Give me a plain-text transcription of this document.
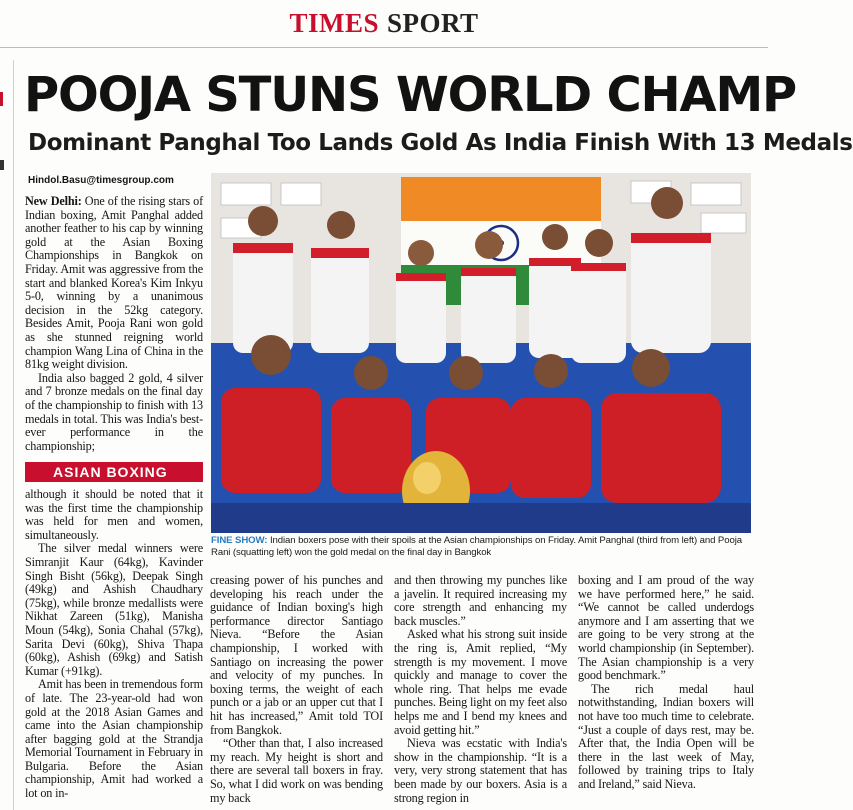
TIMES SPORT
POOJA STUNS WORLD CHAMP
Dominant Panghal Too Lands Gold As India Finish With 13 Medals
Hindol.Basu@timesgroup.com

New Delhi: One of the rising stars of Indian boxing, Amit Panghal added another feather to his cap by winning gold at the Asian Boxing Championships in Bangkok on Friday. Amit was aggressive from the start and blanked Korea's Kim Inkyu 5-0, winning by a unanimous decision in the 52kg category. Besides Amit, Pooja Rani won gold as she stunned reigning world champion Wang Lina of China in the 81kg weight division.

India also bagged 2 gold, 4 silver and 7 bronze medals on the final day of the championship to finish with 13 medals in total. This was India's best-ever performance in the championship;

ASIAN BOXING

although it should be noted that it was the first time the championship was held for men and women, simultaneously.

The silver medal winners were Simranjit Kaur (64kg), Kavinder Singh Bisht (56kg), Deepak Singh (49kg) and Ashish Chaudhary (75kg), while bronze medallists were Nikhat Zareen (51kg), Manisha Moun (54kg), Sonia Chahal (57kg), Sarita Devi (60kg), Shiva Thapa (60kg), Ashish (69kg) and Satish Kumar (+91kg).

Amit has been in tremendous form of late. The 23-year-old had won gold at the 2018 Asian Games and came into the Asian championship after bagging gold at the Strandja Memorial Tournament in February in Bulgaria. Before the Asian championship, Amit had worked a lot on in-

FINE SHOW: Indian boxers pose with their spoils at the Asian championships on Friday. Amit Panghal (third from left) and Pooja Rani (squatting left) won the gold medal on the final day in Bangkok

creasing power of his punches and developing his reach under the guidance of Indian boxing's high performance director Santiago Nieva. “Before the Asian championship, I worked with Santiago on increasing the power and velocity of my punches. In boxing terms, the weight of each punch or a jab or an upper cut that I hit has increased,” Amit told TOI from Bangkok.

“Other than that, I also increased my reach. My height is short and there are several tall boxers in fray. So, what I did work on was bending my back

and then throwing my punches like a javelin. It required increasing my core strength and enhancing my back muscles.”

Asked what his strong suit inside the ring is, Amit replied, “My strength is my movement. I move quickly and manage to cover the whole ring. That helps me evade punches. Being light on my feet also helps me and I bend my knees and avoid getting hit.”

Nieva was ecstatic with India's show in the championship. “It is a very, very strong statement that has been made by our boxers. Asia is a strong region in

boxing and I am proud of the way we have performed here,” he said. “We cannot be called underdogs anymore and I am asserting that we are going to be very strong at the world championship (in September). The Asian championship is a very good benchmark.”

The rich medal haul notwithstanding, Indian boxers will not have too much time to celebrate. “Just a couple of days rest, may be. After that, the India Open will be there in the last week of May, followed by training trips to Italy and Ireland,” said Nieva.
